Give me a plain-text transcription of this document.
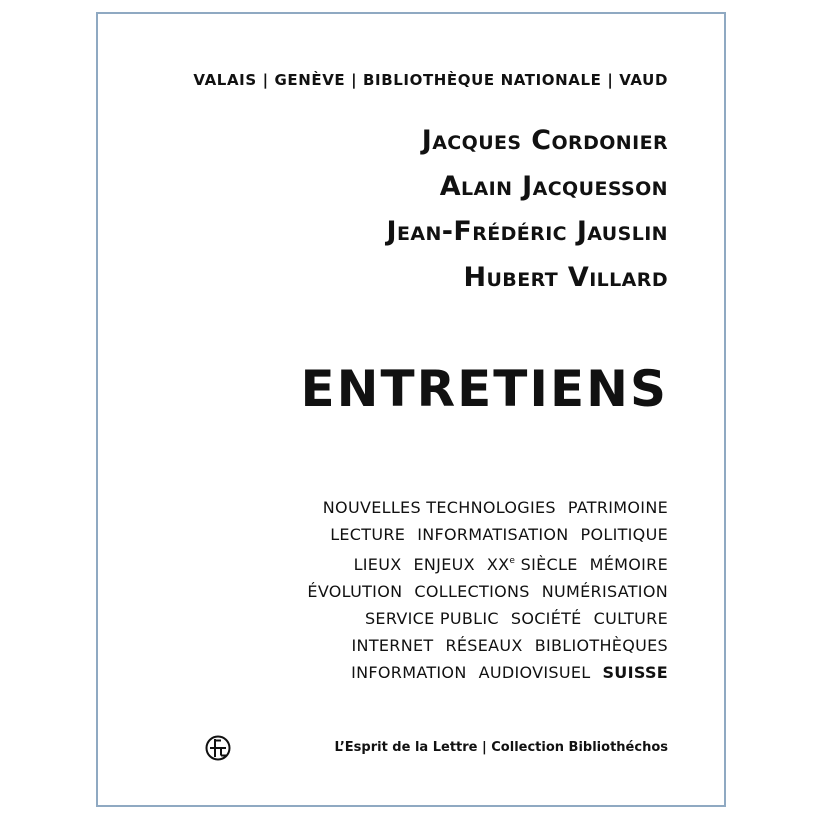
VALAIS | GENÈVE | BIBLIOTHÈQUE NATIONALE | VAUD
Jacques Cordonier
Alain Jacquesson
Jean-Frédéric Jauslin
Hubert Villard
ENTRETIENS
NOUVELLES TECHNOLOGIES PATRIMOINE
LECTURE INFORMATISATION POLITIQUE
LIEUX ENJEUX XXe SIÈCLE MÉMOIRE
ÉVOLUTION COLLECTIONS NUMÉRISATION
SERVICE PUBLIC SOCIÉTÉ CULTURE
INTERNET RÉSEAUX BIBLIOTHÈQUES
INFORMATION AUDIOVISUEL SUISSE
L’Esprit de la Lettre | Collection Bibliothéchos
